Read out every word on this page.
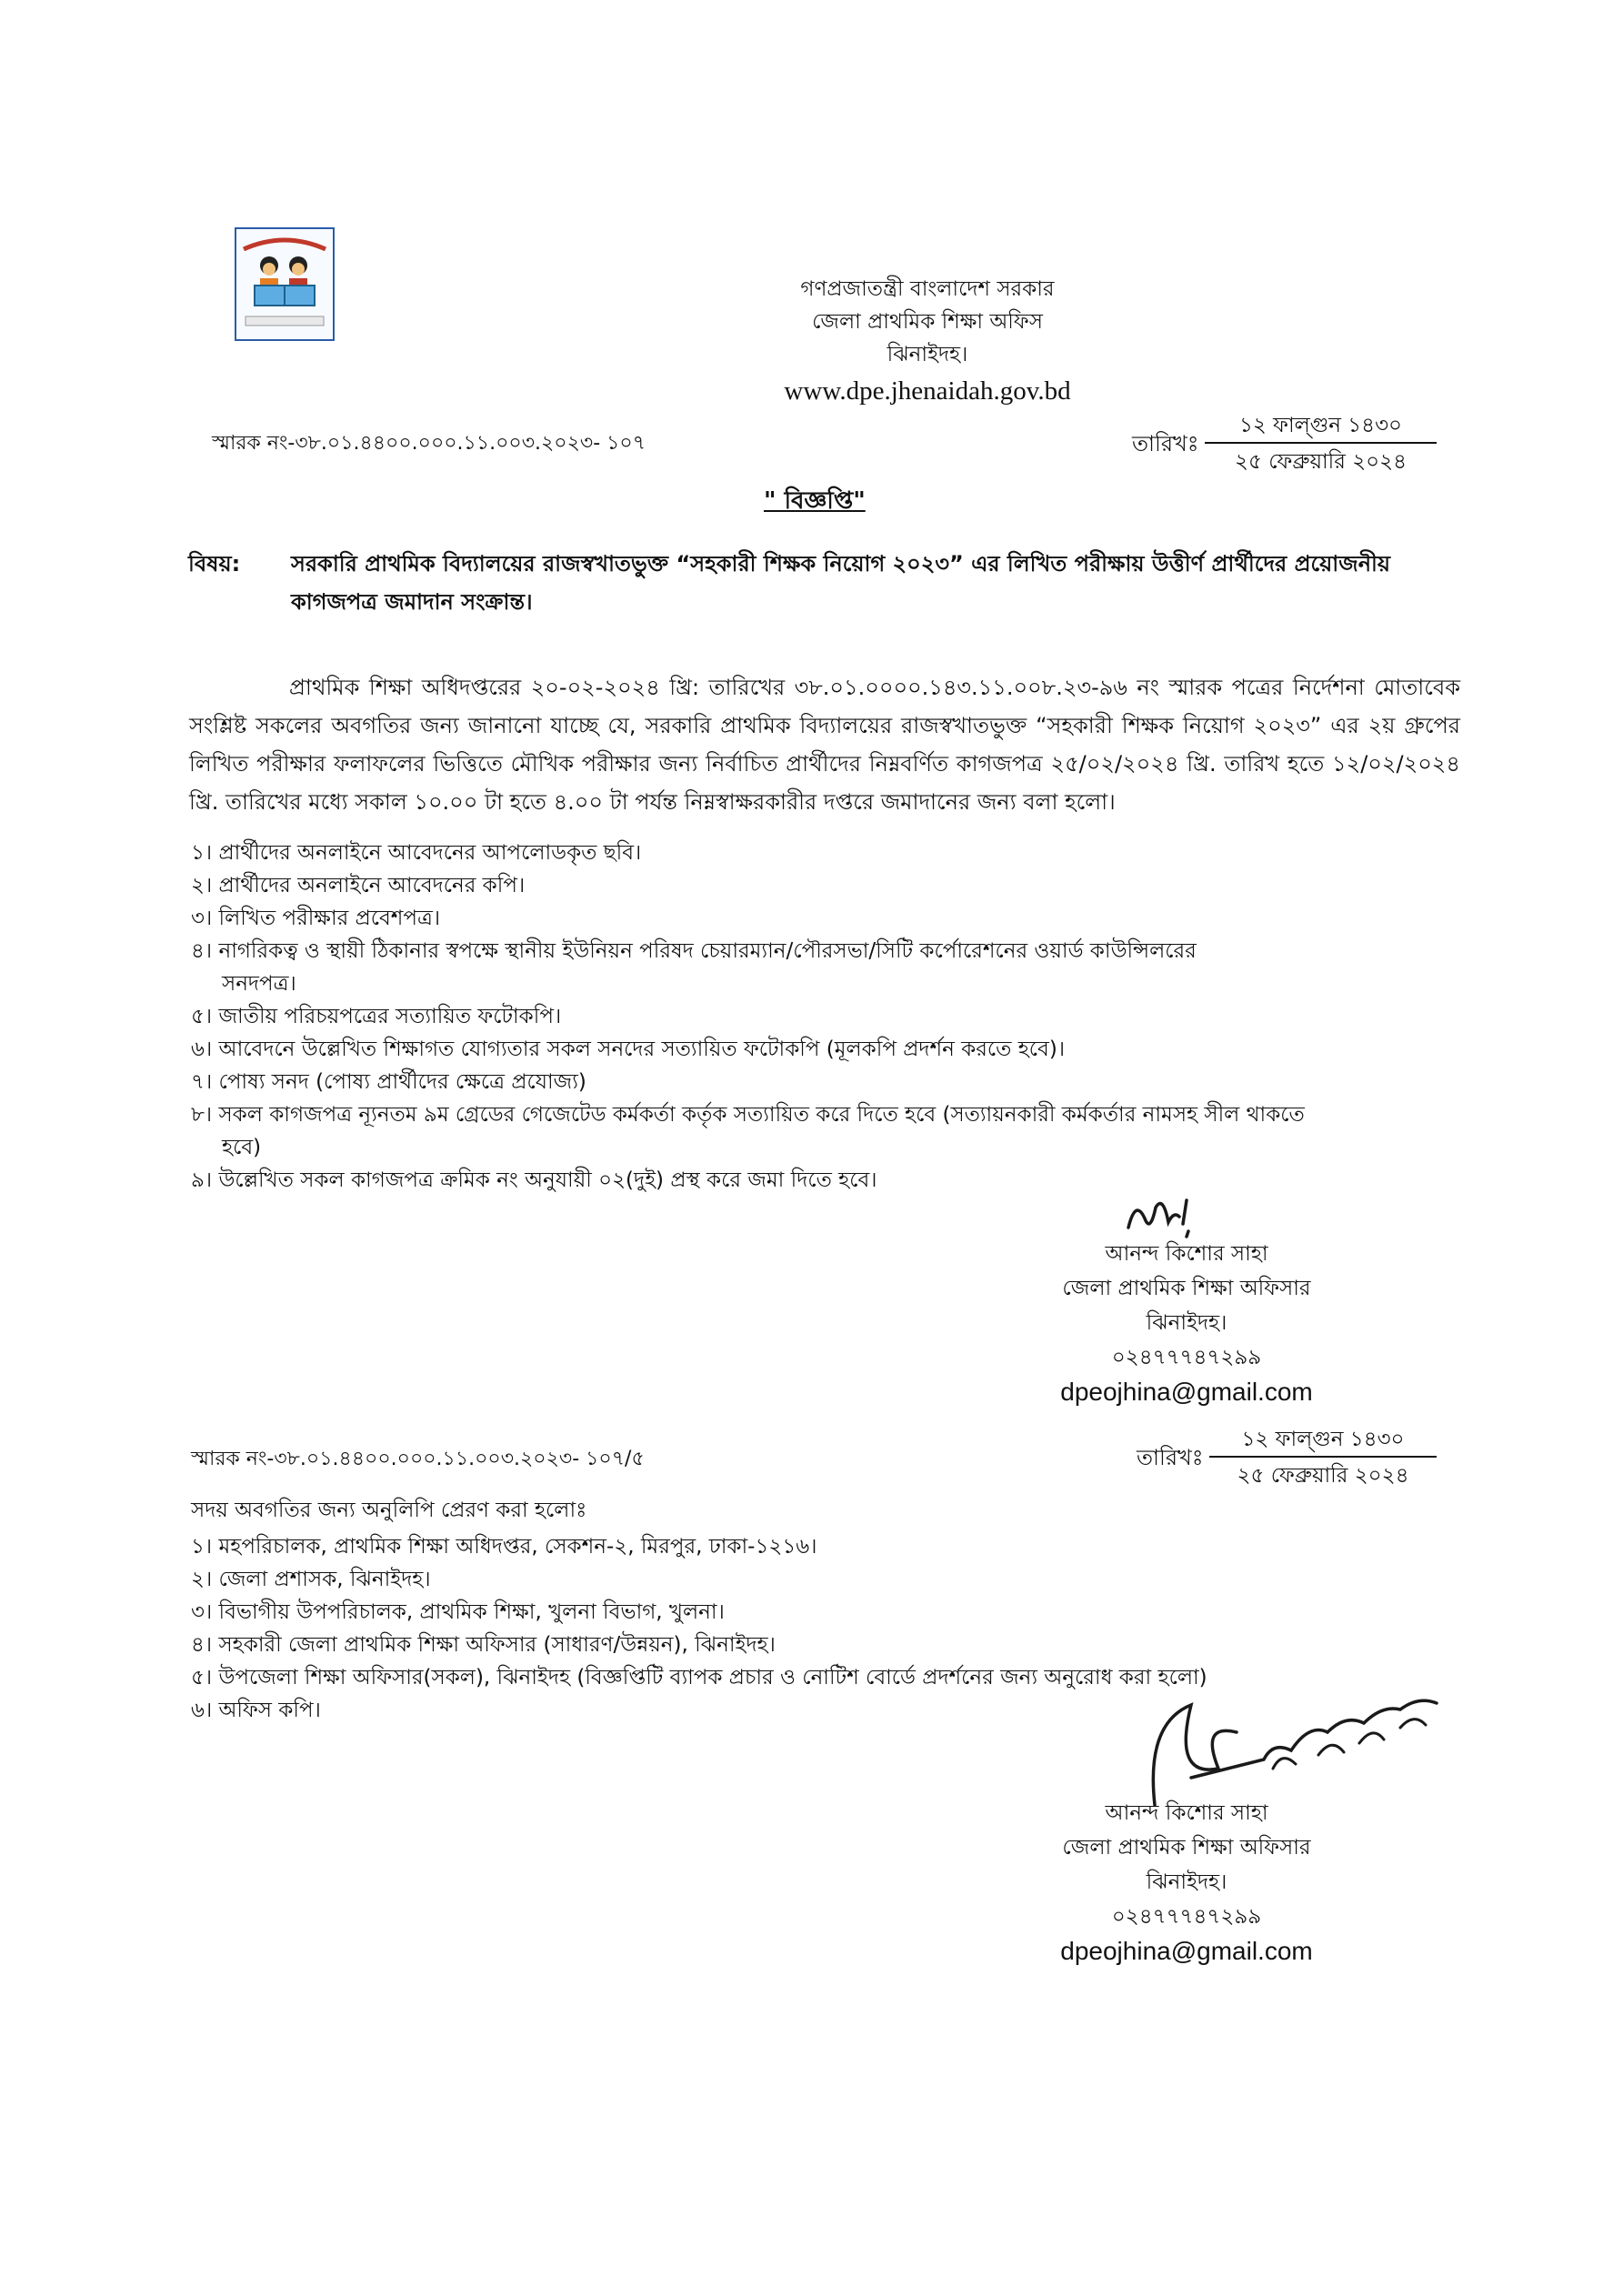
গণপ্রজাতন্ত্রী বাংলাদেশ সরকার
জেলা প্রাথমিক শিক্ষা অফিস
ঝিনাইদহ।
www.dpe.jhenaidah.gov.bd
স্মারক নং-৩৮.০১.৪৪০০.০০০.১১.০০৩.২০২৩- ১০৭	তারিখঃ
১২ ফাল্গুন ১৪৩০
২৫ ফেব্রুয়ারি ২০২৪
" বিজ্ঞপ্তি"
বিষয়: সরকারি প্রাথমিক বিদ্যালয়ের রাজস্বখাতভুক্ত “সহকারী শিক্ষক নিয়োগ ২০২৩” এর লিখিত পরীক্ষায় উত্তীর্ণ প্রার্থীদের প্রয়োজনীয়
কাগজপত্র জমাদান সংক্রান্ত।
প্রাথমিক শিক্ষা অধিদপ্তরের ২০-০২-২০২৪ খ্রি: তারিখের ৩৮.০১.০০০০.১৪৩.১১.০০৮.২৩-৯৬ নং স্মারক পত্রের নির্দেশনা মোতাবেক সংশ্লিষ্ট সকলের অবগতির জন্য জানানো যাচ্ছে যে, সরকারি প্রাথমিক বিদ্যালয়ের রাজস্বখাতভুক্ত “সহকারী শিক্ষক নিয়োগ ২০২৩” এর ২য় গ্রুপের লিখিত পরীক্ষার ফলাফলের ভিত্তিতে মৌখিক পরীক্ষার জন্য নির্বাচিত প্রার্থীদের নিম্নবর্ণিত কাগজপত্র ২৫/০২/২০২৪ খ্রি. তারিখ হতে ১২/০২/২০২৪ খ্রি. তারিখের মধ্যে সকাল ১০.০০ টা হতে ৪.০০ টা পর্যন্ত নিম্নস্বাক্ষরকারীর দপ্তরে জমাদানের জন্য বলা হলো।
১। প্রার্থীদের অনলাইনে আবেদনের আপলোডকৃত ছবি।
২। প্রার্থীদের অনলাইনে আবেদনের কপি।
৩। লিখিত পরীক্ষার প্রবেশপত্র।
৪। নাগরিকত্ব ও স্থায়ী ঠিকানার স্বপক্ষে স্থানীয় ইউনিয়ন পরিষদ চেয়ারম্যান/পৌরসভা/সিটি কর্পোরেশনের ওয়ার্ড কাউন্সিলরের
সনদপত্র।
৫। জাতীয় পরিচয়পত্রের সত্যায়িত ফটোকপি।
৬। আবেদনে উল্লেখিত শিক্ষাগত যোগ্যতার সকল সনদের সত্যায়িত ফটোকপি (মূলকপি প্রদর্শন করতে হবে)।
৭। পোষ্য সনদ (পোষ্য প্রার্থীদের ক্ষেত্রে প্রযোজ্য)
৮। সকল কাগজপত্র ন্যূনতম ৯ম গ্রেডের গেজেটেড কর্মকর্তা কর্তৃক সত্যায়িত করে দিতে হবে (সত্যায়নকারী কর্মকর্তার নামসহ সীল থাকতে
হবে)
৯। উল্লেখিত সকল কাগজপত্র ক্রমিক নং অনুযায়ী ০২(দুই) প্রস্থ করে জমা দিতে হবে।
আনন্দ কিশোর সাহা
জেলা প্রাথমিক শিক্ষা অফিসার
ঝিনাইদহ।
০২৪৭৭৭৪৭২৯৯
dpeojhina@gmail.com
স্মারক নং-৩৮.০১.৪৪০০.০০০.১১.০০৩.২০২৩- ১০৭/৫	তারিখঃ
১২ ফাল্গুন ১৪৩০
২৫ ফেব্রুয়ারি ২০২৪
সদয় অবগতির জন্য অনুলিপি প্রেরণ করা হলোঃ
১। মহপরিচালক, প্রাথমিক শিক্ষা অধিদপ্তর, সেকশন-২, মিরপুর, ঢাকা-১২১৬।
২। জেলা প্রশাসক, ঝিনাইদহ।
৩। বিভাগীয় উপপরিচালক, প্রাথমিক শিক্ষা, খুলনা বিভাগ, খুলনা।
৪। সহকারী জেলা প্রাথমিক শিক্ষা অফিসার (সাধারণ/উন্নয়ন), ঝিনাইদহ।
৫। উপজেলা শিক্ষা অফিসার(সকল), ঝিনাইদহ (বিজ্ঞপ্তিটি ব্যাপক প্রচার ও নোটিশ বোর্ডে প্রদর্শনের জন্য অনুরোধ করা হলো)
৬। অফিস কপি।
আনন্দ কিশোর সাহা
জেলা প্রাথমিক শিক্ষা অফিসার
ঝিনাইদহ।
০২৪৭৭৭৪৭২৯৯
dpeojhina@gmail.com
